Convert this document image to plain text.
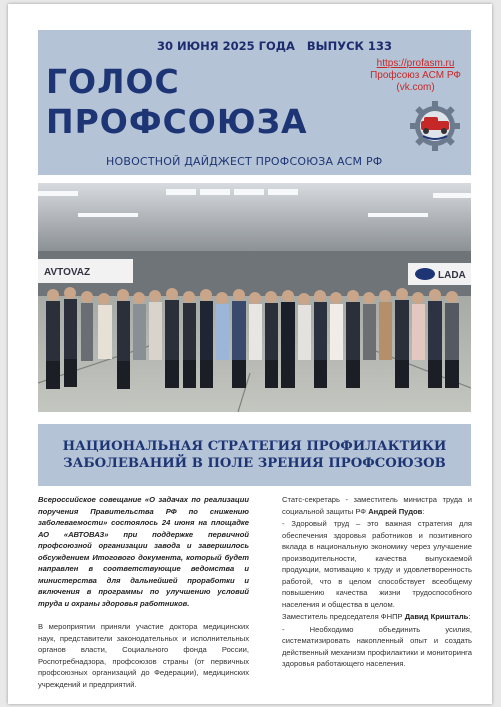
30 ИЮНЯ 2025 ГОДА ВЫПУСК 133
ГОЛОС
ПРОФСОЮЗА
НОВОСТНОЙ ДАЙДЖЕСТ ПРОФСОЮЗА АСМ РФ
https://profasm.ru
Профсоюз АСМ РФ
(vk.com)
AVTOVAZ	LADA
НАЦИОНАЛЬНАЯ СТРАТЕГИЯ ПРОФИЛАКТИКИ
ЗАБОЛЕВАНИЙ В ПОЛЕ ЗРЕНИЯ ПРОФСОЮЗОВ
Всероссийское совещание «О задачах по реализации поручения Правительства РФ по снижению заболеваемости» состоялось 24 июня на площадке АО «АВТОВАЗ» при поддержке первичной профсоюзной организации завода и завершилось обсуждением Итогового документа, который будет направлен в соответствующие ведомства и министерства для дальнейшей проработки и включения в программы по улучшению условий труда и охраны здоровья работников.
В мероприятии приняли участие доктора медицинских наук, представители законодательных и исполнительных органов власти, Социального фонда России, Роспотребнадзора, профсоюзов страны (от первичных профсоюзных организаций до Федерации), медицинских учреждений и предприятий.
Статс-секретарь - заместитель министра труда и социальной защиты РФ Андрей Пудов:
- Здоровый труд – это важная стратегия для обеспечения здоровья работников и позитивного вклада в национальную экономику через улучшение производительности, качества выпускаемой продукции, мотивацию к труду и удовлетворенность работой, что в целом способствует всеобщему повышению качества жизни трудоспособного населения и общества в целом.
Заместитель председателя ФНПР Давид Кришталь:
- Необходимо объединить усилия, систематизировать накопленный опыт и создать действенный механизм профилактики и мониторинга здоровья работающего населения.
